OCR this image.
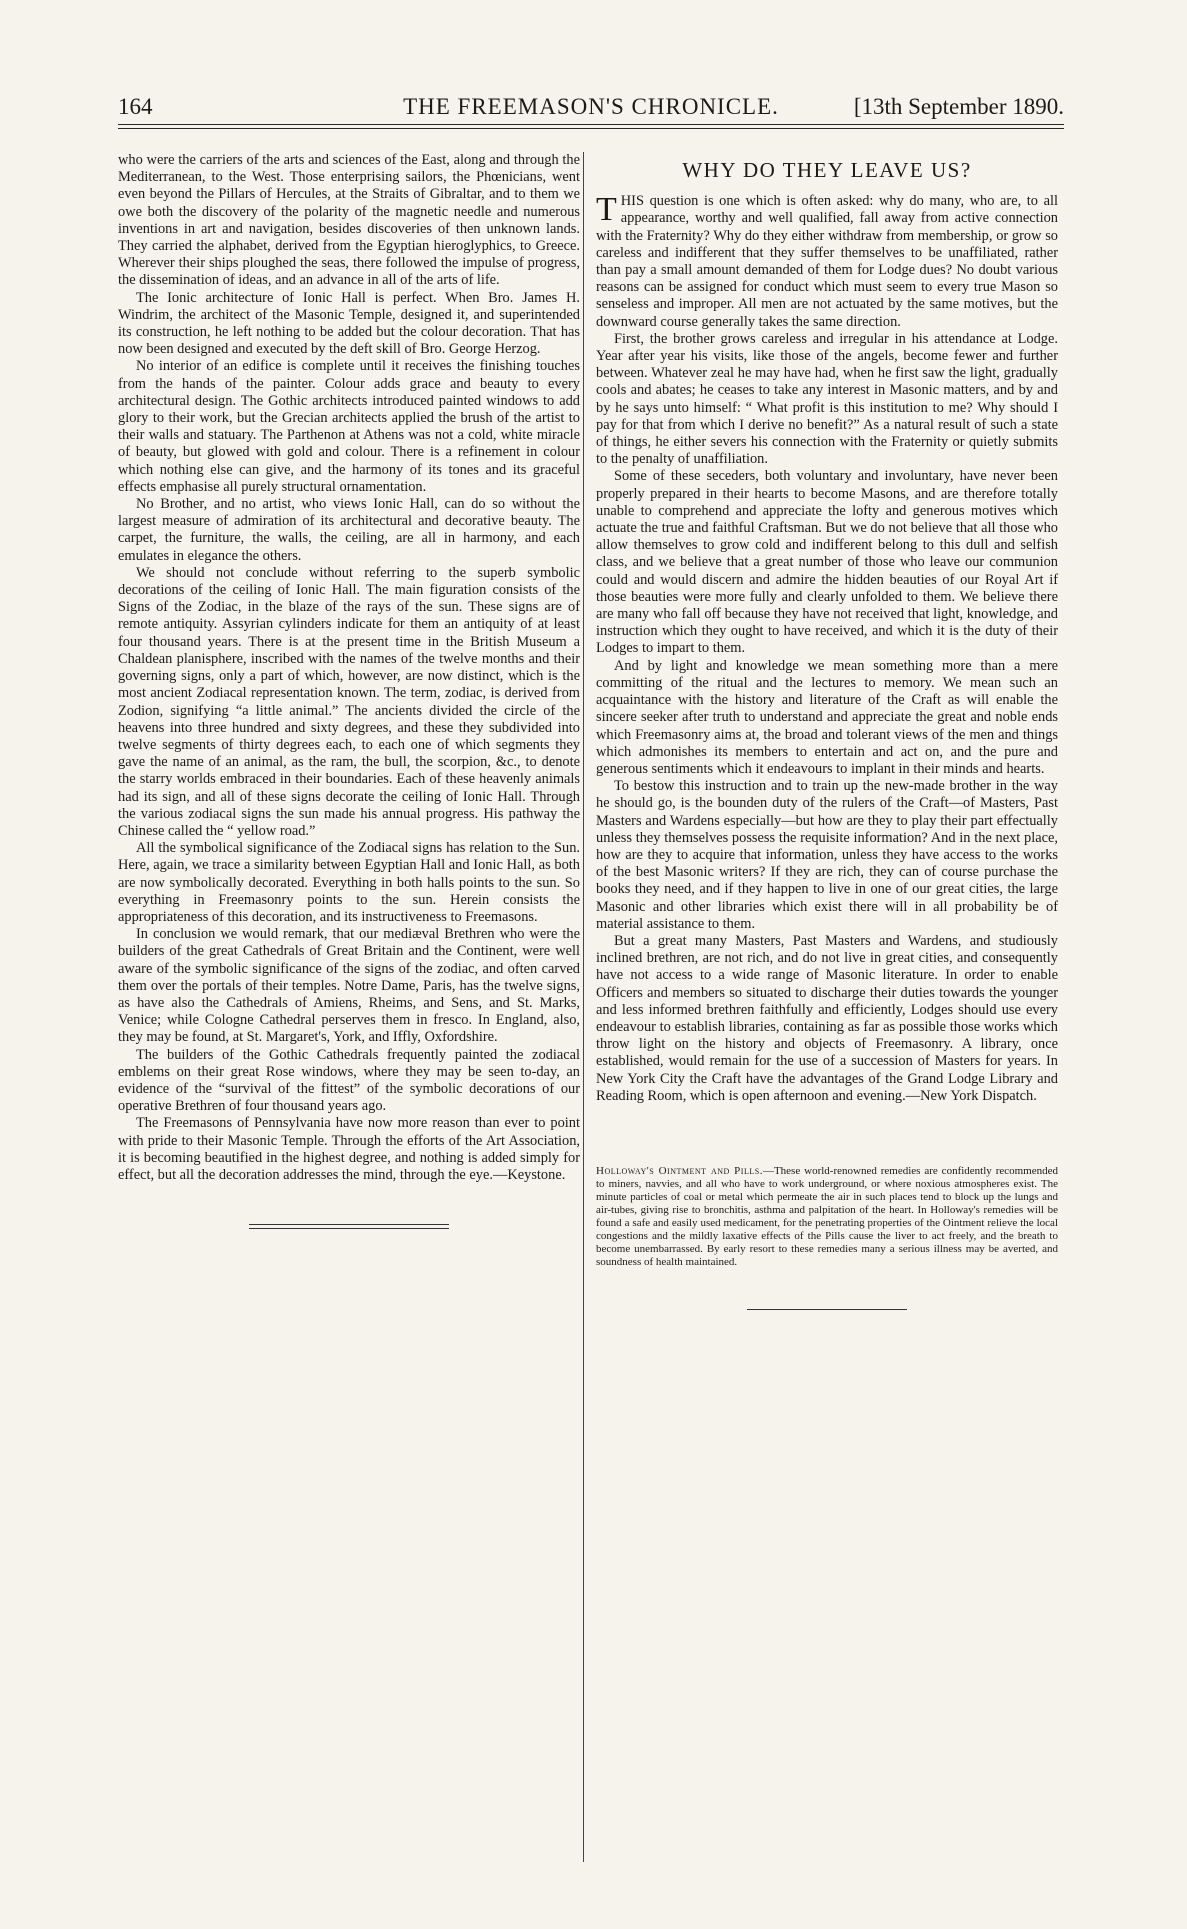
164	THE FREEMASON'S CHRONICLE.	[13th September 1890.

who were the carriers of the arts and sciences of the East, along and through the Mediterranean, to the West. Those enterprising sailors, the Phœnicians, went even beyond the Pillars of Hercules, at the Straits of Gibraltar, and to them we owe both the discovery of the polarity of the magnetic needle and numerous inventions in art and navigation, besides discoveries of then unknown lands. They carried the alphabet, derived from the Egyptian hieroglyphics, to Greece. Wherever their ships ploughed the seas, there followed the impulse of progress, the dissemination of ideas, and an advance in all of the arts of life.

The Ionic architecture of Ionic Hall is perfect. When Bro. James H. Windrim, the architect of the Masonic Temple, designed it, and superintended its construction, he left nothing to be added but the colour decoration. That has now been designed and executed by the deft skill of Bro. George Herzog.

No interior of an edifice is complete until it receives the finishing touches from the hands of the painter. Colour adds grace and beauty to every architectural design. The Gothic architects introduced painted windows to add glory to their work, but the Grecian architects applied the brush of the artist to their walls and statuary. The Parthenon at Athens was not a cold, white miracle of beauty, but glowed with gold and colour. There is a refinement in colour which nothing else can give, and the harmony of its tones and its graceful effects emphasise all purely structural ornamentation.

No Brother, and no artist, who views Ionic Hall, can do so without the largest measure of admiration of its architectural and decorative beauty. The carpet, the furniture, the walls, the ceiling, are all in harmony, and each emulates in elegance the others.

We should not conclude without referring to the superb symbolic decorations of the ceiling of Ionic Hall. The main figuration consists of the Signs of the Zodiac, in the blaze of the rays of the sun. These signs are of remote antiquity. Assyrian cylinders indicate for them an antiquity of at least four thousand years. There is at the present time in the British Museum a Chaldean planisphere, inscribed with the names of the twelve months and their governing signs, only a part of which, however, are now distinct, which is the most ancient Zodiacal representation known. The term, zodiac, is derived from Zodion, signifying “a little animal.” The ancients divided the circle of the heavens into three hundred and sixty degrees, and these they subdivided into twelve segments of thirty degrees each, to each one of which segments they gave the name of an animal, as the ram, the bull, the scorpion, &c., to denote the starry worlds embraced in their boundaries. Each of these heavenly animals had its sign, and all of these signs decorate the ceiling of Ionic Hall. Through the various zodiacal signs the sun made his annual progress. His pathway the Chinese called the “ yellow road.”

All the symbolical significance of the Zodiacal signs has relation to the Sun. Here, again, we trace a similarity between Egyptian Hall and Ionic Hall, as both are now symbolically decorated. Everything in both halls points to the sun. So everything in Freemasonry points to the sun. Herein consists the appropriateness of this decoration, and its instructiveness to Freemasons.

In conclusion we would remark, that our mediæval Brethren who were the builders of the great Cathedrals of Great Britain and the Continent, were well aware of the symbolic significance of the signs of the zodiac, and often carved them over the portals of their temples. Notre Dame, Paris, has the twelve signs, as have also the Cathedrals of Amiens, Rheims, and Sens, and St. Marks, Venice; while Cologne Cathedral perserves them in fresco. In England, also, they may be found, at St. Margaret's, York, and Iffly, Oxfordshire.

The builders of the Gothic Cathedrals frequently painted the zodiacal emblems on their great Rose windows, where they may be seen to-day, an evidence of the “survival of the fittest” of the symbolic decorations of our operative Brethren of four thousand years ago.

The Freemasons of Pennsylvania have now more reason than ever to point with pride to their Masonic Temple. Through the efforts of the Art Association, it is becoming beautified in the highest degree, and nothing is added simply for effect, but all the decoration addresses the mind, through the eye.—Keystone.

WHY DO THEY LEAVE US?

THIS question is one which is often asked: why do many, who are, to all appearance, worthy and well qualified, fall away from active connection with the Fraternity? Why do they either withdraw from membership, or grow so careless and indifferent that they suffer themselves to be unaffiliated, rather than pay a small amount demanded of them for Lodge dues? No doubt various reasons can be assigned for conduct which must seem to every true Mason so senseless and improper. All men are not actuated by the same motives, but the downward course generally takes the same direction.

First, the brother grows careless and irregular in his attendance at Lodge. Year after year his visits, like those of the angels, become fewer and further between. Whatever zeal he may have had, when he first saw the light, gradually cools and abates; he ceases to take any interest in Masonic matters, and by and by he says unto himself: “ What profit is this institution to me? Why should I pay for that from which I derive no benefit?” As a natural result of such a state of things, he either severs his connection with the Fraternity or quietly submits to the penalty of unaffiliation.

Some of these seceders, both voluntary and involuntary, have never been properly prepared in their hearts to become Masons, and are therefore totally unable to comprehend and appreciate the lofty and generous motives which actuate the true and faithful Craftsman. But we do not believe that all those who allow themselves to grow cold and indifferent belong to this dull and selfish class, and we believe that a great number of those who leave our communion could and would discern and admire the hidden beauties of our Royal Art if those beauties were more fully and clearly unfolded to them. We believe there are many who fall off because they have not received that light, knowledge, and instruction which they ought to have received, and which it is the duty of their Lodges to impart to them.

And by light and knowledge we mean something more than a mere committing of the ritual and the lectures to memory. We mean such an acquaintance with the history and literature of the Craft as will enable the sincere seeker after truth to understand and appreciate the great and noble ends which Freemasonry aims at, the broad and tolerant views of the men and things which admonishes its members to entertain and act on, and the pure and generous sentiments which it endeavours to implant in their minds and hearts.

To bestow this instruction and to train up the new-made brother in the way he should go, is the bounden duty of the rulers of the Craft—of Masters, Past Masters and Wardens especially—but how are they to play their part effectually unless they themselves possess the requisite information? And in the next place, how are they to acquire that information, unless they have access to the works of the best Masonic writers? If they are rich, they can of course purchase the books they need, and if they happen to live in one of our great cities, the large Masonic and other libraries which exist there will in all probability be of material assistance to them.

But a great many Masters, Past Masters and Wardens, and studiously inclined brethren, are not rich, and do not live in great cities, and consequently have not access to a wide range of Masonic literature. In order to enable Officers and members so situated to discharge their duties towards the younger and less informed brethren faithfully and efficiently, Lodges should use every endeavour to establish libraries, containing as far as possible those works which throw light on the history and objects of Freemasonry. A library, once established, would remain for the use of a succession of Masters for years. In New York City the Craft have the advantages of the Grand Lodge Library and Reading Room, which is open afternoon and evening.—New York Dispatch.

Holloway's Ointment and Pills.—These world-renowned remedies are confidently recommended to miners, navvies, and all who have to work underground, or where noxious atmospheres exist. The minute particles of coal or metal which permeate the air in such places tend to block up the lungs and air-tubes, giving rise to bronchitis, asthma and palpitation of the heart. In Holloway's remedies will be found a safe and easily used medicament, for the penetrating properties of the Ointment relieve the local congestions and the mildly laxative effects of the Pills cause the liver to act freely, and the breath to become unembarrassed. By early resort to these remedies many a serious illness may be averted, and soundness of health maintained.
